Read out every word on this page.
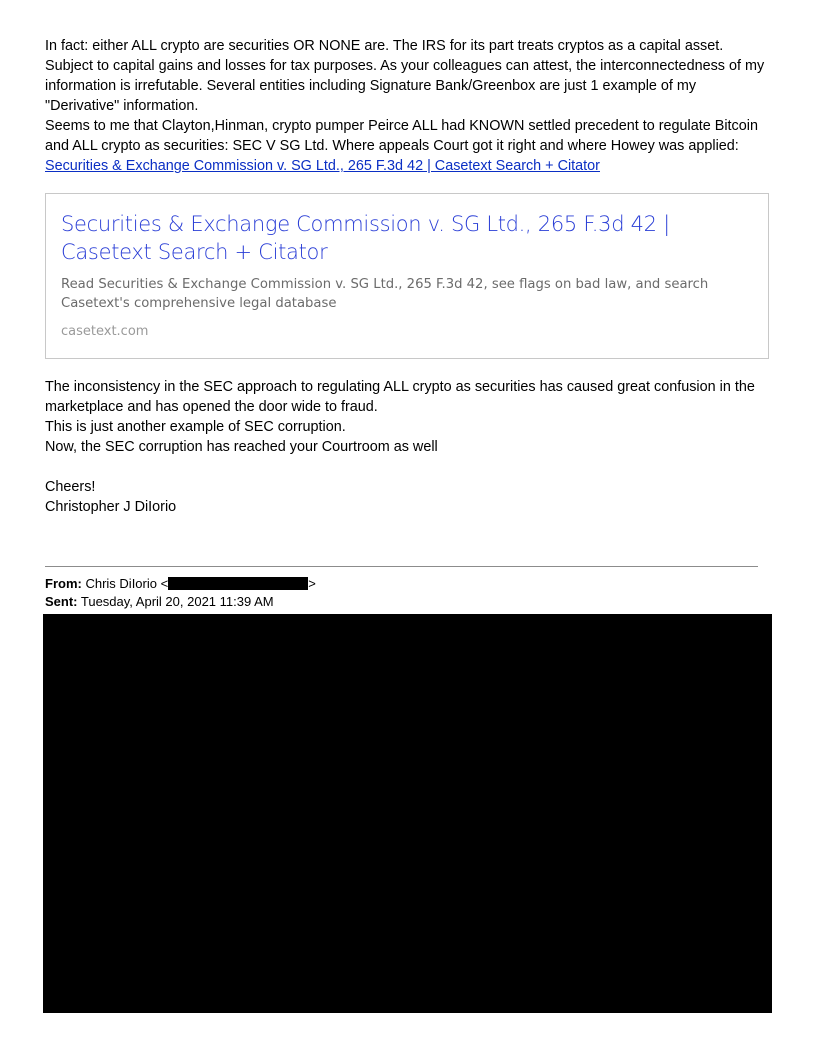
In fact: either ALL crypto are securities OR NONE are. The IRS for its part treats cryptos as a capital asset.

Subject to capital gains and losses for tax purposes. As your colleagues can attest, the interconnectedness of my

information is irrefutable. Several entities including Signature Bank/Greenbox are just 1 example of my

"Derivative" information.

Seems to me that Clayton,Hinman, crypto pumper Peirce ALL had KNOWN settled precedent to regulate Bitcoin

and ALL crypto as securities: SEC V SG Ltd. Where appeals Court got it right and where Howey was applied:

Securities & Exchange Commission v. SG Ltd., 265 F.3d 42 | Casetext Search + Citator

Securities & Exchange Commission v. SG Ltd., 265 F.3d 42 | Casetext Search + Citator
Read Securities & Exchange Commission v. SG Ltd., 265 F.3d 42, see flags on bad law, and search Casetext's comprehensive legal database
casetext.com

The inconsistency in the SEC approach to regulating ALL crypto as securities has caused great confusion in the

marketplace and has opened the door wide to fraud.

This is just another example of SEC corruption.

Now, the SEC corruption has reached your Courtroom as well

Cheers!

Christopher J DiIorio

From: Chris DiIorio <	>
Sent: Tuesday, April 20, 2021 11:39 AM
